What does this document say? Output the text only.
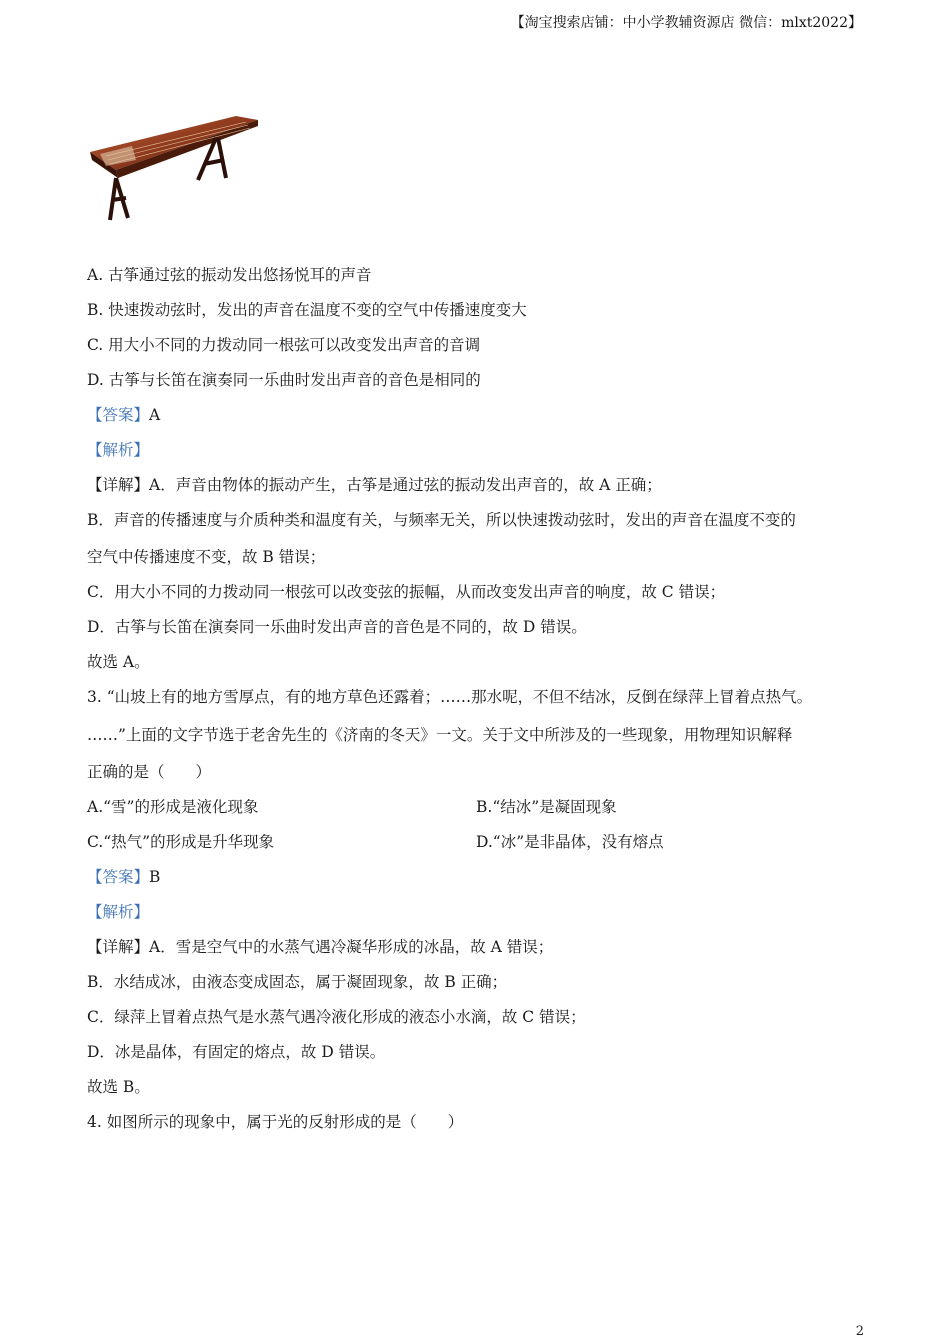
【淘宝搜索店铺：中小学教辅资源店 微信：mlxt2022】
A. 古筝通过弦的振动发出悠扬悦耳的声音
B. 快速拨动弦时，发出的声音在温度不变的空气中传播速度变大
C. 用大小不同的力拨动同一根弦可以改变发出声音的音调
D. 古筝与长笛在演奏同一乐曲时发出声音的音色是相同的
【答案】A
【解析】
【详解】A．声音由物体的振动产生，古筝是通过弦的振动发出声音的，故 A 正确；
B．声音的传播速度与介质种类和温度有关，与频率无关，所以快速拨动弦时，发出的声音在温度不变的
空气中传播速度不变，故 B 错误；
C．用大小不同的力拨动同一根弦可以改变弦的振幅，从而改变发出声音的响度，故 C 错误；
D．古筝与长笛在演奏同一乐曲时发出声音的音色是不同的，故 D 错误。
故选 A。
3. “山坡上有的地方雪厚点，有的地方草色还露着；……那水呢，不但不结冰，反倒在绿萍上冒着点热气。
……”上面的文字节选于老舍先生的《济南的冬天》一文。关于文中所涉及的一些现象，用物理知识解释
正确的是（　　）
A.“雪”的形成是液化现象	B.“结冰”是凝固现象
C.“热气”的形成是升华现象	D.“冰”是非晶体，没有熔点
【答案】B
【解析】
【详解】A．雪是空气中的水蒸气遇冷凝华形成的冰晶，故 A 错误；
B．水结成冰，由液态变成固态，属于凝固现象，故 B 正确；
C．绿萍上冒着点热气是水蒸气遇冷液化形成的液态小水滴，故 C 错误；
D．冰是晶体，有固定的熔点，故 D 错误。
故选 B。
4. 如图所示的现象中，属于光的反射形成的是（　　）
2
